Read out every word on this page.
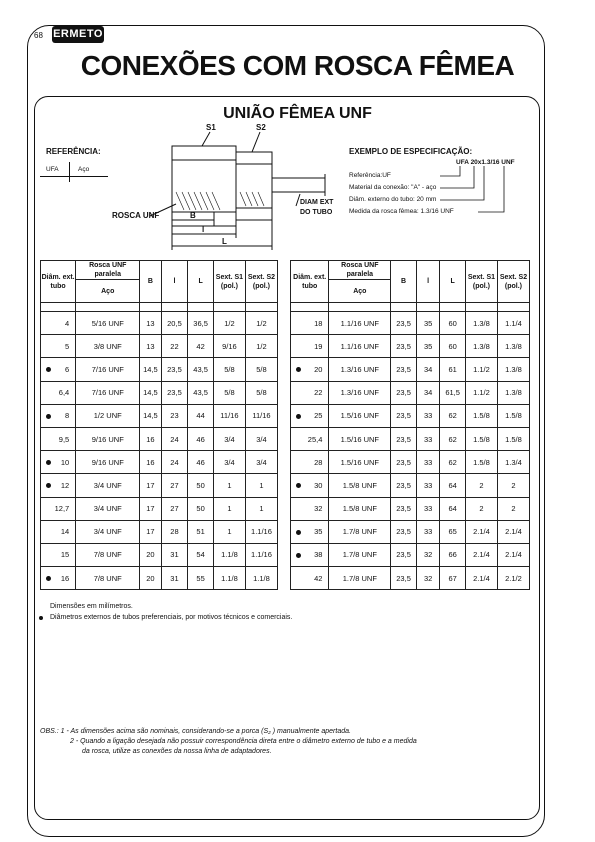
68 ERMETO
CONEXÕES COM ROSCA FÊMEA
UNIÃO FÊMEA UNF
S1	S2
ROSCA UNF	B
l
L
DIAM EXT
DO TUBO
REFERÊNCIA:
UFA	Aço
EXEMPLO DE ESPECIFICAÇÃO:
UFA 20x1.3/16 UNF
Referência:UF
Material da conexão: "A" - aço
Diâm. externo do tubo: 20 mm
Medida da rosca fêmea: 1.3/16 UNF
Diâm. ext. tubo	Rosca UNF paralela	B	l	L	Sext. S1 (pol.)	Sext. S2 (pol.)
	Aço					

4	5/16 UNF	13	20,5	36,5	1/2	1/2
5	3/8 UNF	13	22	42	9/16	1/2

6	7/16 UNF	14,5	23,5	43,5	5/8	5/8
6,4	7/16 UNF	14,5	23,5	43,5	5/8	5/8

8	1/2 UNF	14,5	23	44	11/16	11/16
9,5	9/16 UNF	16	24	46	3/4	3/4

10	9/16 UNF	16	24	46	3/4	3/4

12	3/4 UNF	17	27	50	1	1
12,7	3/4 UNF	17	27	50	1	1
14	3/4 UNF	17	28	51	1	1.1/16
15	7/8 UNF	20	31	54	1.1/8	1.1/16

16	7/8 UNF	20	31	55	1.1/8	1.1/8
Diâm. ext. tubo	Rosca UNF paralela	B	l	L	Sext. S1 (pol.)	Sext. S2 (pol.)
	Aço					

18	1.1/16 UNF	23,5	35	60	1.3/8	1.1/4
19	1.1/16 UNF	23,5	35	60	1.3/8	1.3/8

20	1.3/16 UNF	23,5	34	61	1.1/2	1.3/8
22	1.3/16 UNF	23,5	34	61,5	1.1/2	1.3/8

25	1.5/16 UNF	23,5	33	62	1.5/8	1.5/8
25,4	1.5/16 UNF	23,5	33	62	1.5/8	1.5/8
28	1.5/16 UNF	23,5	33	62	1.5/8	1.3/4

30	1.5/8 UNF	23,5	33	64	2	2
32	1.5/8 UNF	23,5	33	64	2	2

35	1.7/8 UNF	23,5	33	65	2.1/4	2.1/4

38	1.7/8 UNF	23,5	32	66	2.1/4	2.1/4
42	1.7/8 UNF	23,5	32	67	2.1/4	2.1/2
Dimensões em milímetros.
Diâmetros externos de tubos preferenciais, por motivos técnicos e comerciais.
OBS.: 1 - As dimensões acima são nominais, considerando-se a porca (S₂ ) manualmente apertada.
2 - Quando a ligação desejada não possuir correspondência direta entre o diâmetro externo de tubo e a medida
da rosca, utilize as conexões da nossa linha de adaptadores.
